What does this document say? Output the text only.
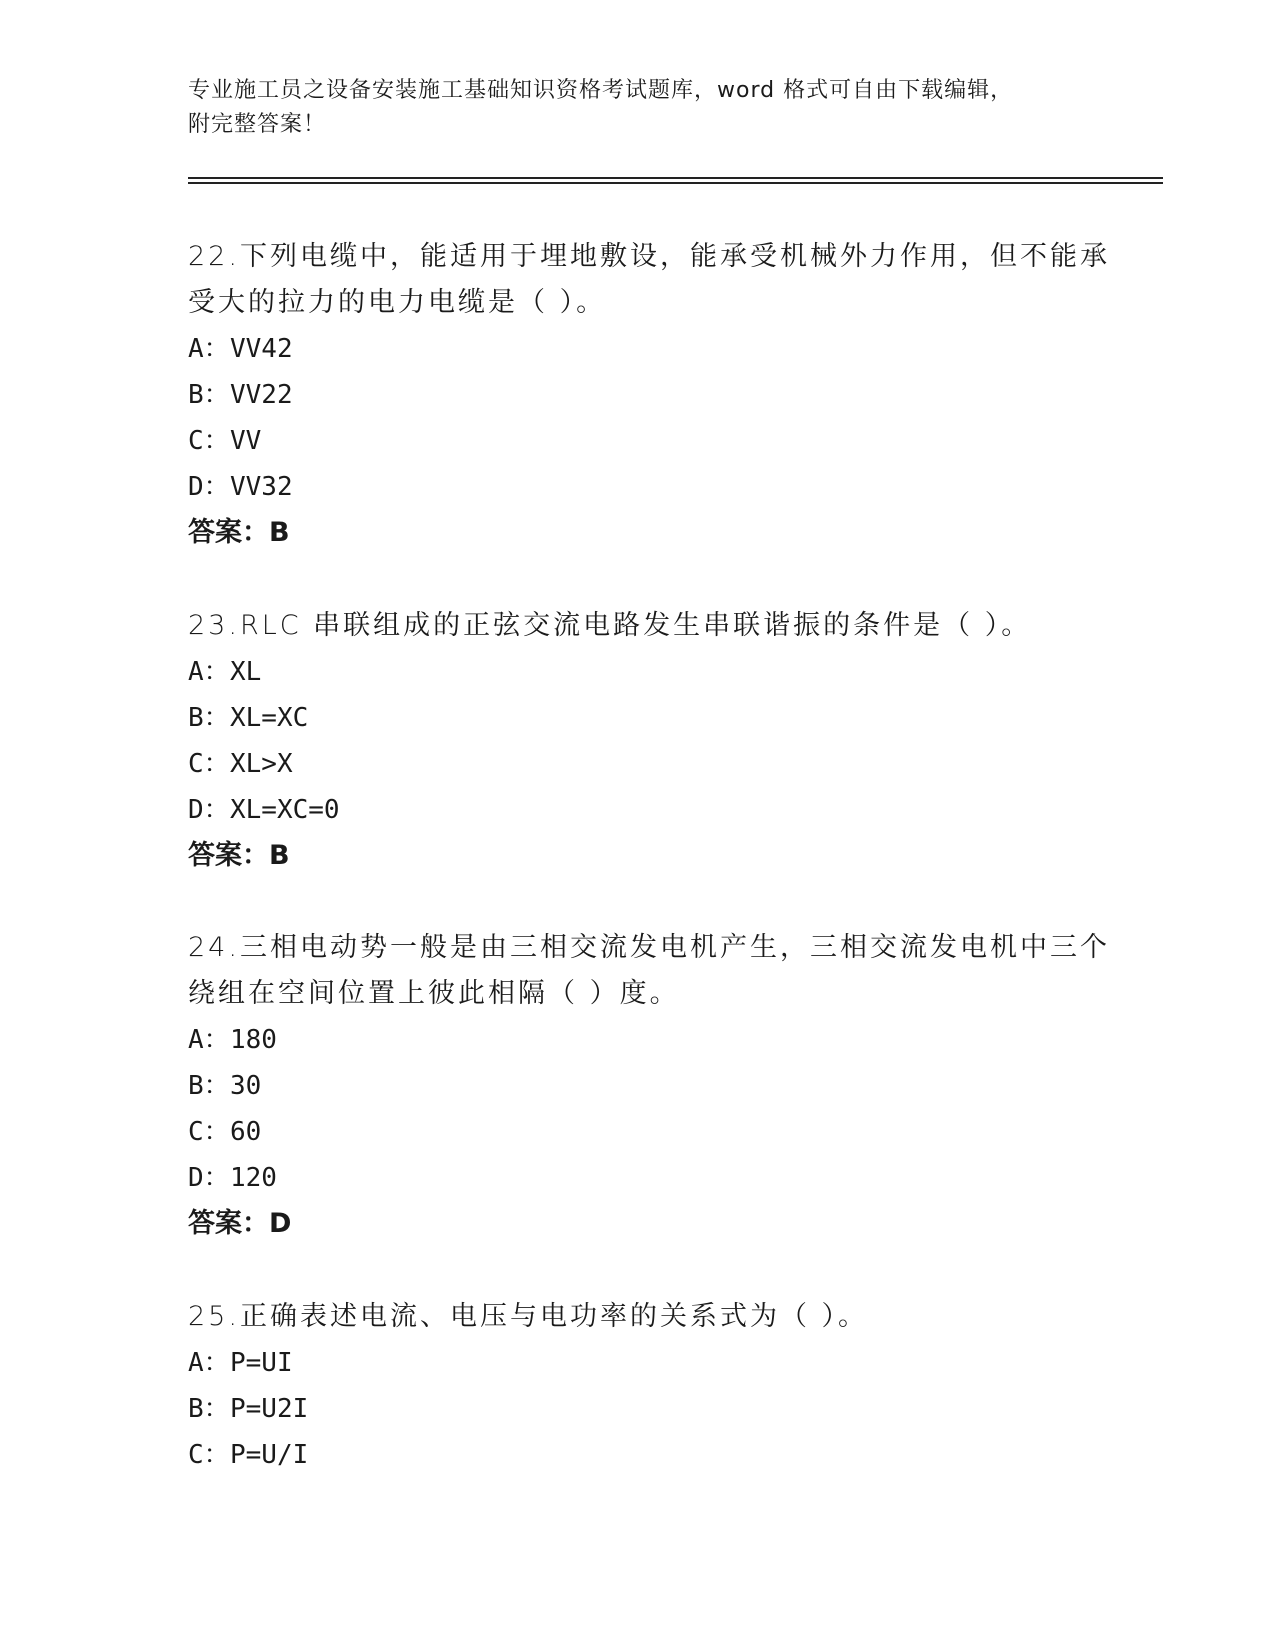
专业施工员之设备安装施工基础知识资格考试题库，word 格式可自由下载编辑，
附完整答案！
22.下列电缆中，能适用于埋地敷设，能承受机械外力作用，但不能承
受大的拉力的电力电缆是（ ）。
A：VV42
B：VV22
C：VV
D：VV32
答案：B
23.RLC 串联组成的正弦交流电路发生串联谐振的条件是（ ）。
A：XL
B：XL=XC
C：XL>X
D：XL=XC=0
答案：B
24.三相电动势一般是由三相交流发电机产生，三相交流发电机中三个
绕组在空间位置上彼此相隔（ ）度。
A：180
B：30
C：60
D：120
答案：D
25.正确表述电流、电压与电功率的关系式为（ ）。
A：P=UI
B：P=U2I
C：P=U/I
